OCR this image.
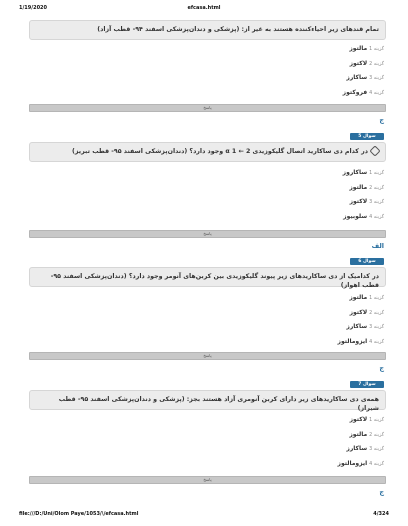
1/19/2020	efcasa.html
تمام قندهای زیر احیاءکننده هستند به غیر از: (پزشکی و دندان‌پزشکی اسفند ۹۴- قطب آزاد)
گزینه 1 مالتوز
گزینه 2 لاکتوز
گزینه 3 ساکارز
گزینه 4 فروکتوز
پاسخ
ج
سوال 5
در کدام دی ساکارید اتصال گلیکوزیدی 2 ← 1 α وجود دارد؟ (دندان‌پزشکی اسفند ۹۵- قطب تبریز)
گزینه 1 ساکاروز
گزینه 2 مالتوز
گزینه 3 لاکتوز
گزینه 4 سلوبیوز
پاسخ
الف
سوال 6
در کدامیک از دی ساکاریدهای زیر پیوند گلیکوزیدی بین کربن‌های آنومر وجود دارد؟ (دندان‌پزشکی اسفند ۹۵- قطب اهواز)
گزینه 1 مالتوز
گزینه 2 لاکتوز
گزینه 3 ساکارز
گزینه 4 ایزومالتوز
پاسخ
ج
سوال 7
همه‌ی دی ساکاریدهای زیر دارای کربن آنومری آزاد هستند بجز: (پزشکی و دندان‌پزشکی اسفند ۹۵- قطب شیراز)
گزینه 1 لاکتوز
گزینه 2 مالتوز
گزینه 3 ساکارز
گزینه 4 ایزومالتوز
پاسخ
ج
file:///D:/Uni/Olom Paye/1053/\/efcasa.html	4/324
